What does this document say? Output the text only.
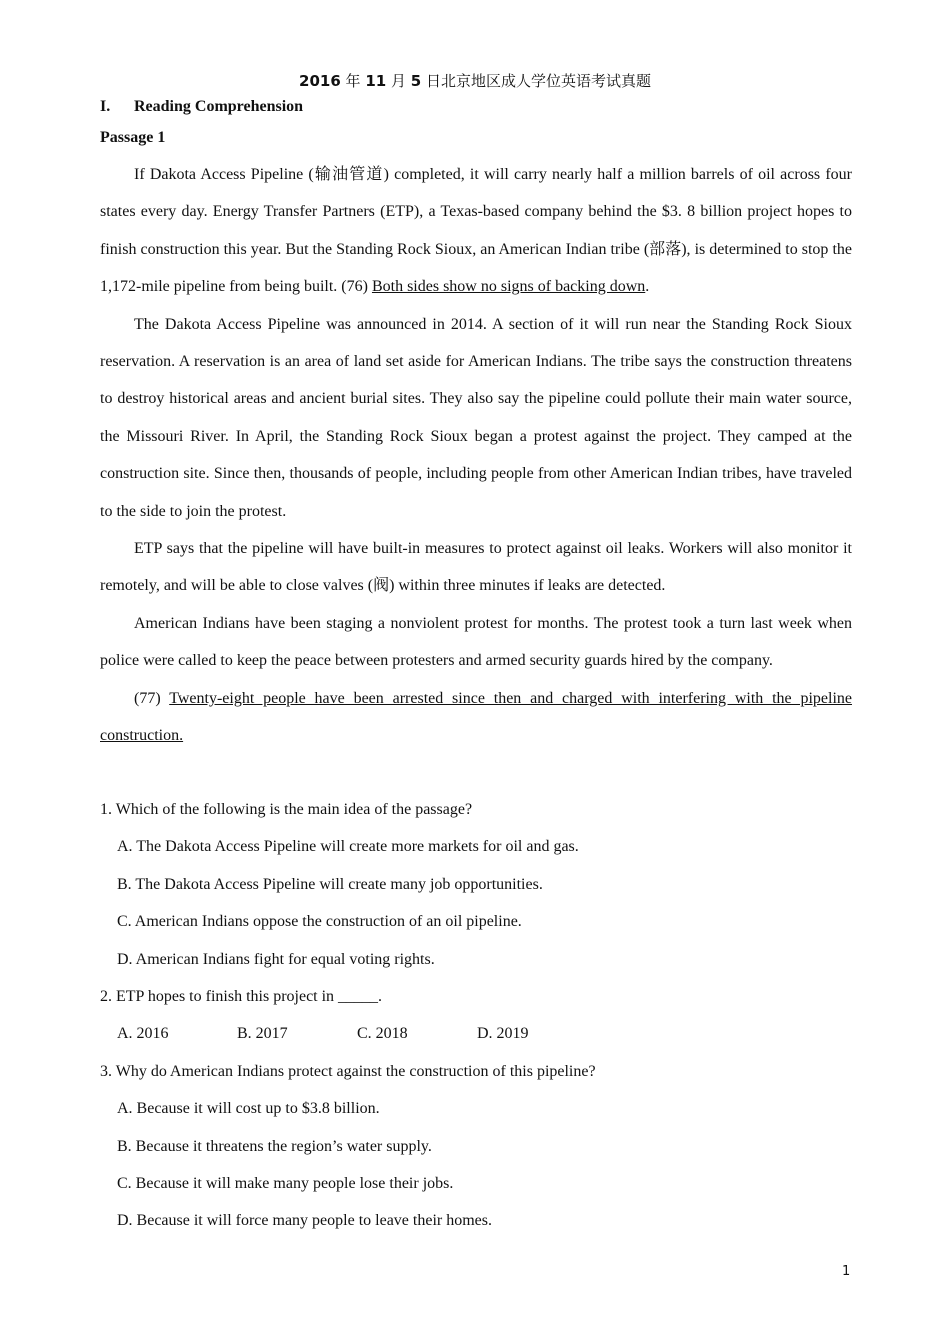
2016 年 11 月 5 日北京地区成人学位英语考试真题
I. Reading Comprehension
Passage 1

If Dakota Access Pipeline (输油管道) completed, it will carry nearly half a million barrels of oil across four states every day. Energy Transfer Partners (ETP), a Texas-based company behind the $3. 8 billion project hopes to finish construction this year. But the Standing Rock Sioux, an American Indian tribe (部落), is determined to stop the 1,172-mile pipeline from being built. (76) Both sides show no signs of backing down.

The Dakota Access Pipeline was announced in 2014. A section of it will run near the Standing Rock Sioux reservation. A reservation is an area of land set aside for American Indians. The tribe says the construction threatens to destroy historical areas and ancient burial sites. They also say the pipeline could pollute their main water source, the Missouri River. In April, the Standing Rock Sioux began a protest against the project. They camped at the construction site. Since then, thousands of people, including people from other American Indian tribes, have traveled to the side to join the protest.

ETP says that the pipeline will have built-in measures to protect against oil leaks. Workers will also monitor it remotely, and will be able to close valves (阀) within three minutes if leaks are detected.

American Indians have been staging a nonviolent protest for months. The protest took a turn last week when police were called to keep the peace between protesters and armed security guards hired by the company.

(77) Twenty-eight people have been arrested since then and charged with interfering with the pipeline construction.

1. Which of the following is the main idea of the passage?

A. The Dakota Access Pipeline will create more markets for oil and gas.

B. The Dakota Access Pipeline will create many job opportunities.

C. American Indians oppose the construction of an oil pipeline.

D. American Indians fight for equal voting rights.

2. ETP hopes to finish this project in _____.

A. 2016	B. 2017	C. 2018	D. 2019

3. Why do American Indians protect against the construction of this pipeline?

A. Because it will cost up to $3.8 billion.

B. Because it threatens the region’s water supply.

C. Because it will make many people lose their jobs.

D. Because it will force many people to leave their homes.

1
